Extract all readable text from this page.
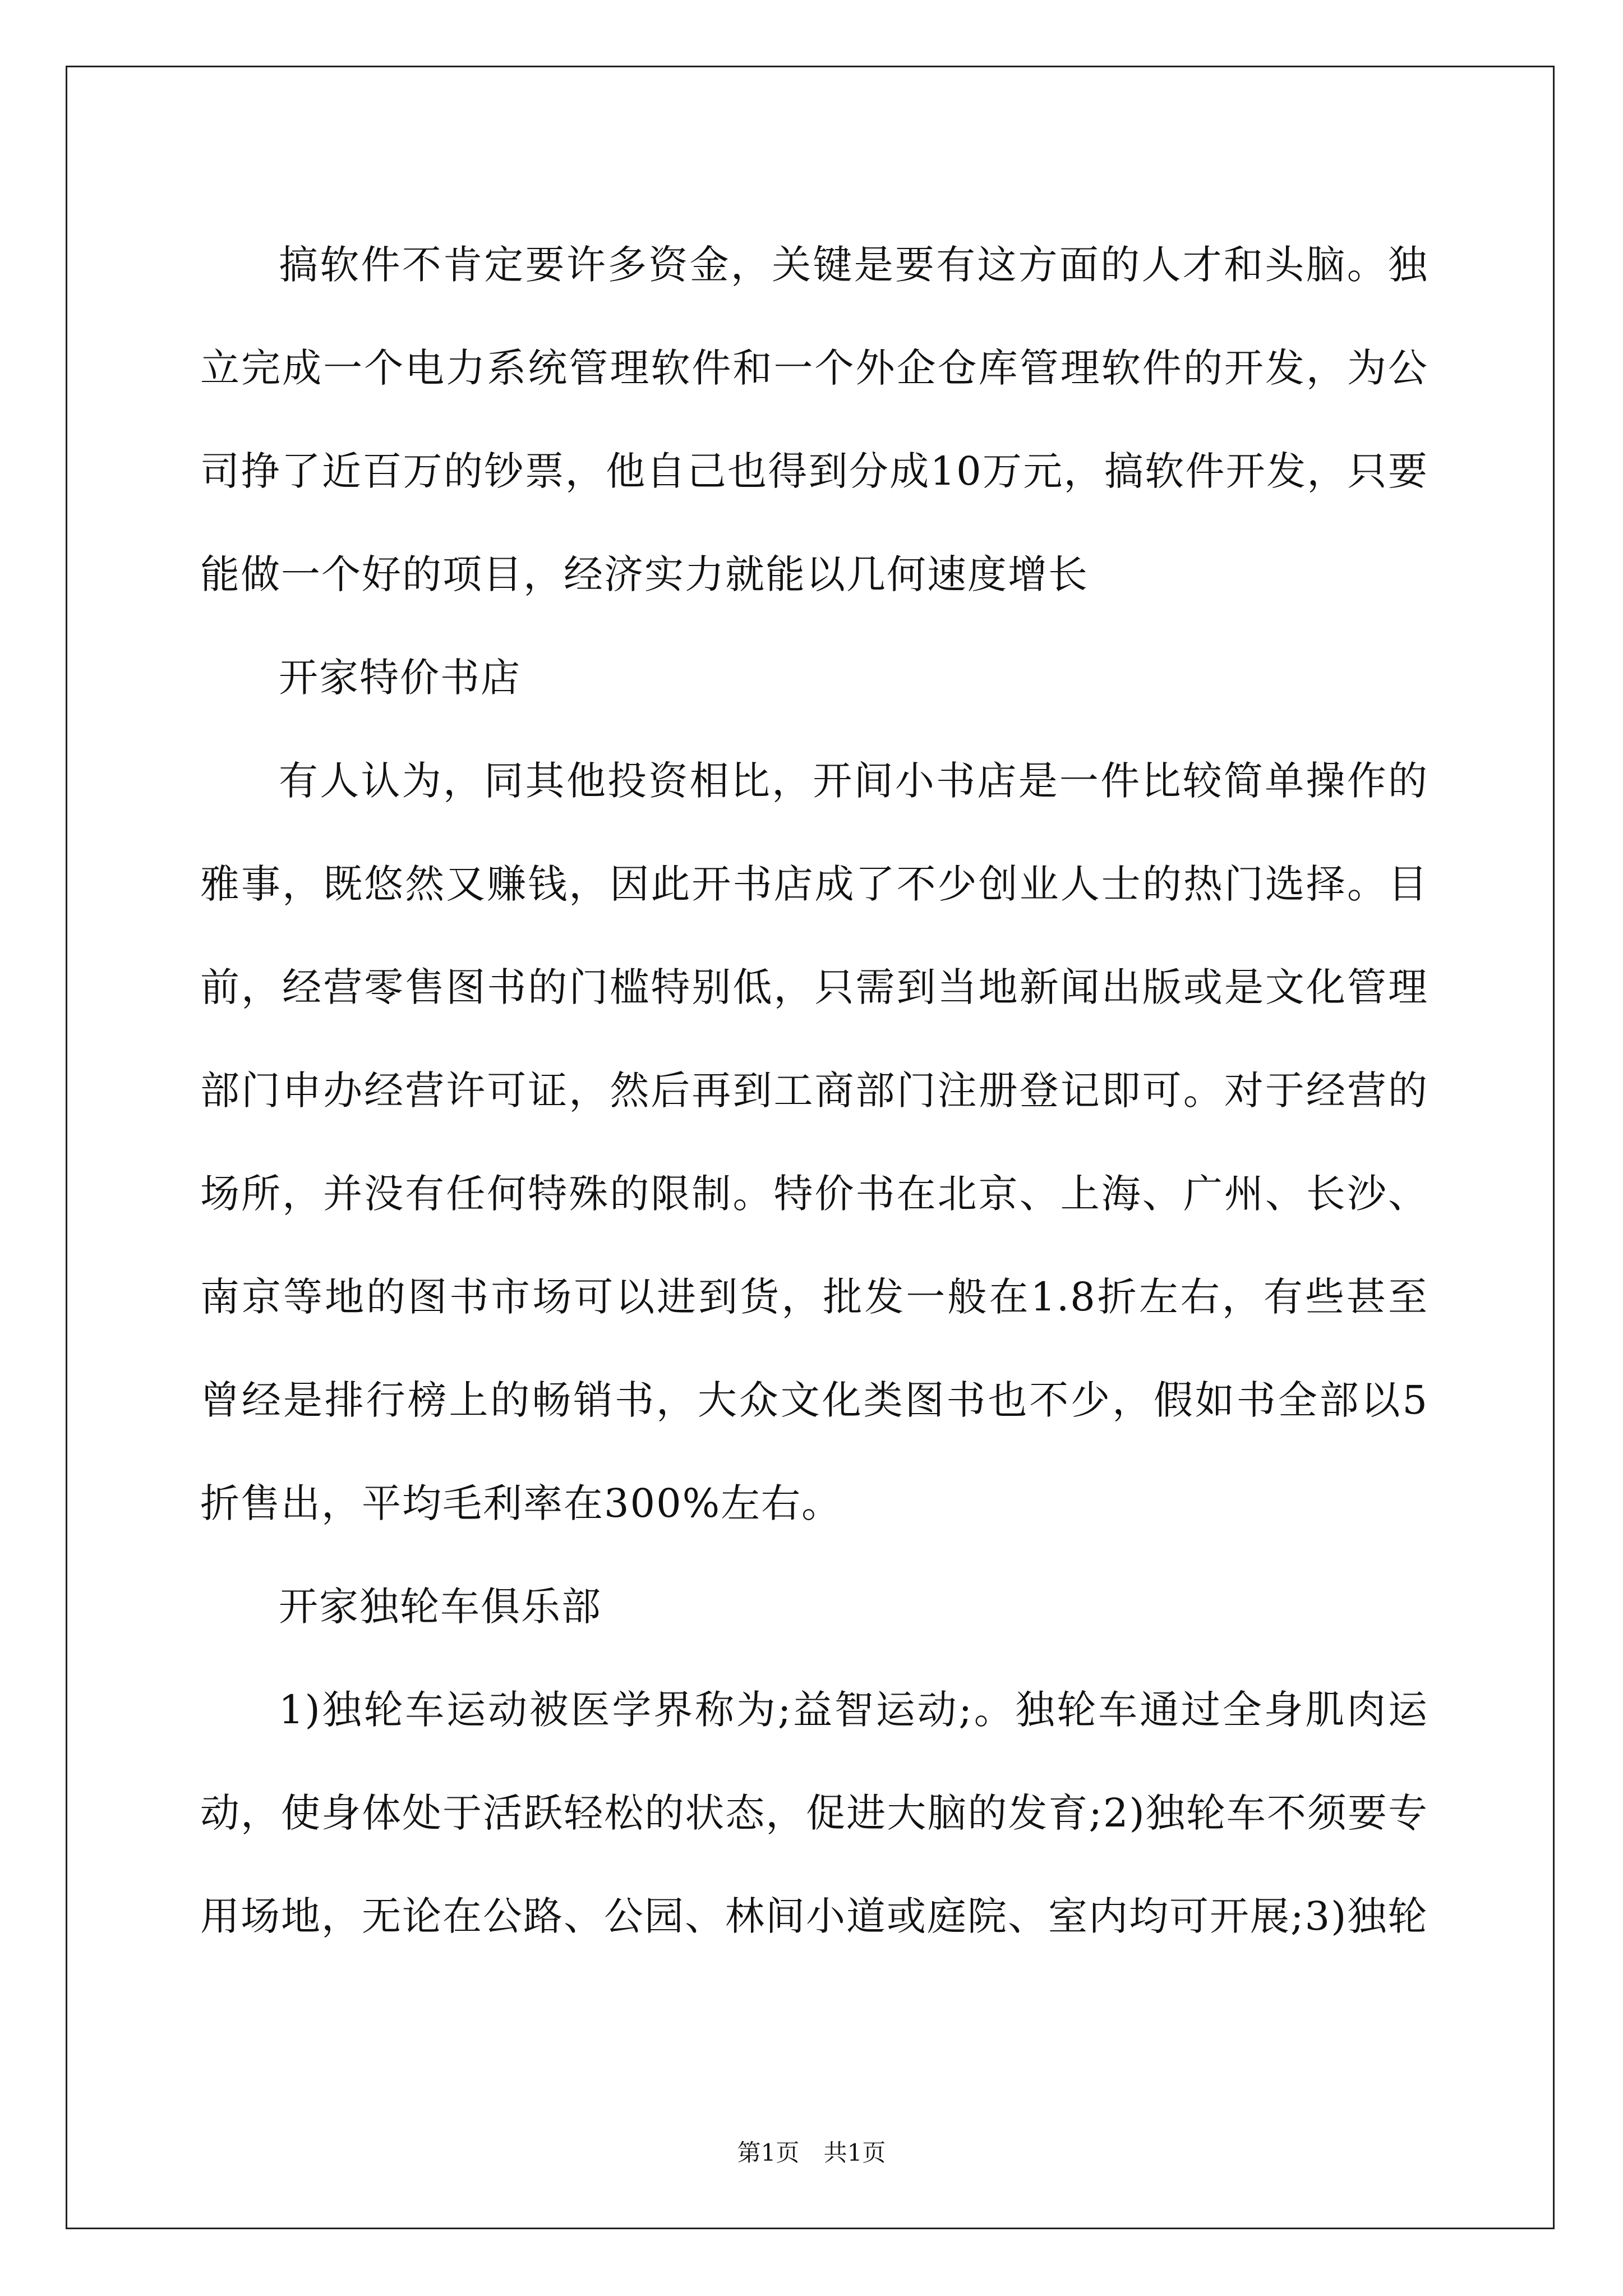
搞软件不肯定要许多资金，关键是要有这方面的人才和头脑。独立完成一个电力系统管理软件和一个外企仓库管理软件的开发，为公司挣了近百万的钞票，他自己也得到分成10万元，搞软件开发，只要能做一个好的项目，经济实力就能以几何速度增长

开家特价书店

有人认为，同其他投资相比，开间小书店是一件比较简单操作的雅事，既悠然又赚钱，因此开书店成了不少创业人士的热门选择。目前，经营零售图书的门槛特别低，只需到当地新闻出版或是文化管理部门申办经营许可证，然后再到工商部门注册登记即可。对于经营的场所，并没有任何特殊的限制。特价书在北京、上海、广州、长沙、南京等地的图书市场可以进到货，批发一般在1.8折左右，有些甚至曾经是排行榜上的畅销书，大众文化类图书也不少，假如书全部以5折售出，平均毛利率在300%左右。

开家独轮车俱乐部

1)独轮车运动被医学界称为;益智运动;。独轮车通过全身肌肉运动，使身体处于活跃轻松的状态，促进大脑的发育;2)独轮车不须要专用场地，无论在公路、公园、林间小道或庭院、室内均可开展;3)独轮

第1页 共1页
